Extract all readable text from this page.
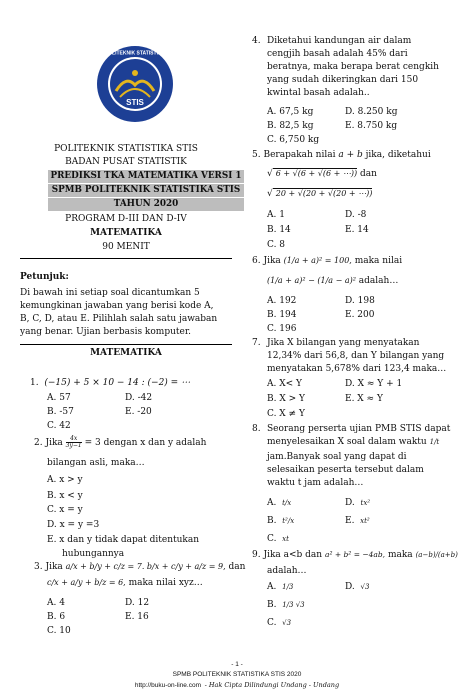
STIS
POLITEKNIK STATISTIKA
POLITEKNIK STATISTIKA STIS
BADAN PUSAT STATISTIK
PREDIKSI TKA MATEMATIKA VERSI 1
SPMB POLITEKNIK STATISTIKA STIS
TAHUN 2020
PROGRAM D-III DAN D-IV
MATEMATIKA
90 MENIT
Petunjuk:
Di bawah ini setiap soal dicantumkan 5
kemungkinan jawaban yang berisi kode A,
B, C, D, atau E. Pilihlah salah satu jawaban
yang benar. Ujian berbasis komputer.
MATEMATIKA
1. (−15) + 5 × 10 − 14 : (−2) = ⋯
A. 57	D. -42
B. -57	E. -20
C. 42
2. Jika $\frac{4x}{3y-1} = 3$ dengan x dan y adalah
bilangan asli, maka…
A. x > y
B. x < y
C. x = y
D. x = y =3
E. x dan y tidak dapat ditentukan
hubungannya
3. Jika a/x + b/y + c/z = 7. b/x + c/y + a/z = 9, dan
c/x + a/y + b/z = 6, maka nilai xyz…
A. 4	D. 12
B. 6	E. 16
C. 10
4. Diketahui kandungan air dalam
cengjih basah adalah 45% dari
beratnya, maka berapa berat cengkih
yang sudah dikeringkan dari 150
kwintal basah adalah..
A. 67,5 kg	D. 8.250 kg
B. 82,5 kg	E. 8.750 kg
C. 6,750 kg
5. Berapakah nilai a + b jika, diketahui
√ 6 + √(6 + √(6 + ⋯)) dan
√ 20 + √(20 + √(20 + ⋯))
A. 1	D. -8
B. 14	E. 14
C. 8
6. Jika (1/a + a)² = 100, maka nilai
(1/a + a)² − (1/a − a)² adalah…
A. 192	D. 198
B. 194	E. 200
C. 196
7. Jika X bilangan yang menyatakan
12,34% dari 56,8, dan Y bilangan yang
menyatakan 5,678% dari 123,4 maka…
A. X< Y	D. X ≈ Y + 1
B. X > Y	E. X ≈ Y
C. X ≠ Y
8. Seorang perserta ujian PMB STIS dapat
menyelesaikan X soal dalam waktu 1/t
jam.Banyak soal yang dapat di
selesaikan peserta tersebut dalam
waktu t jam adalah…
A. t/x	D. tx²
B. t²/x	E. xt²
C. xt
9. Jika a<b dan a² + b² = −4ab, maka (a−b)/(a+b)
adalah…
A. 1/3	D. √3
B. 1/3 √3
C. √3
- 1 -
SPMB POLITEKNIK STATISTIKA STIS 2020
http://buku-on-line.com - Hak Cipta Dilindungi Undang - Undang
